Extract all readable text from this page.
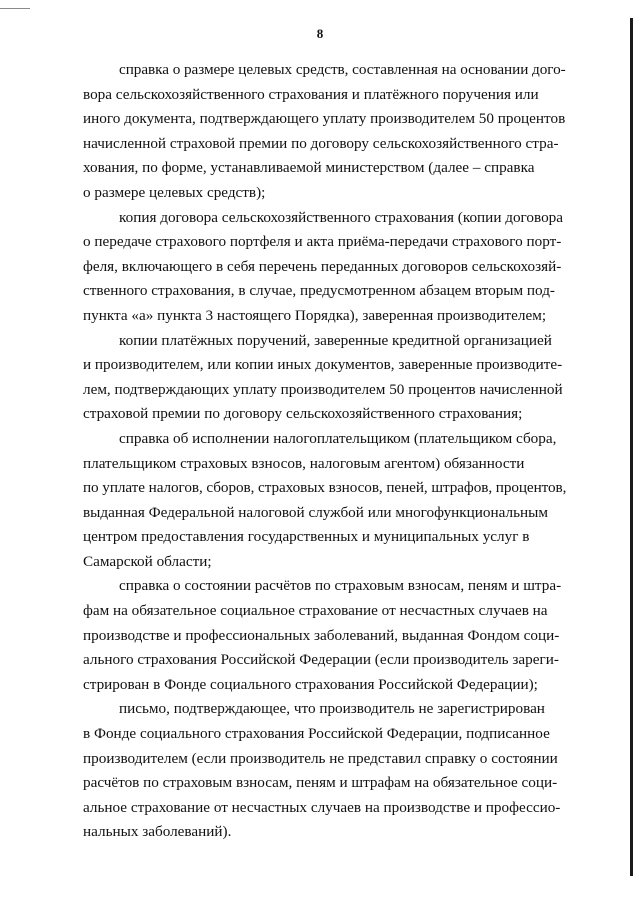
8

справка о размере целевых средств, составленная на основании дого-
вора сельскохозяйственного страхования и платёжного поручения или
иного документа, подтверждающего уплату производителем 50 процентов
начисленной страховой премии по договору сельскохозяйственного стра-
хования, по форме, устанавливаемой министерством (далее – справка
о размере целевых средств);

копия договора сельскохозяйственного страхования (копии договора
о передаче страхового портфеля и акта приёма-передачи страхового порт-
феля, включающего в себя перечень переданных договоров сельскохозяй-
ственного страхования, в случае, предусмотренном абзацем вторым под-
пункта «а» пункта 3 настоящего Порядка), заверенная производителем;

копии платёжных поручений, заверенные кредитной организацией
и производителем, или копии иных документов, заверенные производите-
лем, подтверждающих уплату производителем 50 процентов начисленной
страховой премии по договору сельскохозяйственного страхования;

справка об исполнении налогоплательщиком (плательщиком сбора,
плательщиком страховых взносов, налоговым агентом) обязанности
по уплате налогов, сборов, страховых взносов, пеней, штрафов, процентов,
выданная Федеральной налоговой службой или многофункциональным
центром предоставления государственных и муниципальных услуг в
Самарской области;

справка о состоянии расчётов по страховым взносам, пеням и штра-
фам на обязательное социальное страхование от несчастных случаев на
производстве и профессиональных заболеваний, выданная Фондом соци-
ального страхования Российской Федерации (если производитель зареги-
стрирован в Фонде социального страхования Российской Федерации);

письмо, подтверждающее, что производитель не зарегистрирован
в Фонде социального страхования Российской Федерации, подписанное
производителем (если производитель не представил справку о состоянии
расчётов по страховым взносам, пеням и штрафам на обязательное соци-
альное страхование от несчастных случаев на производстве и профессио-
нальных заболеваний).
